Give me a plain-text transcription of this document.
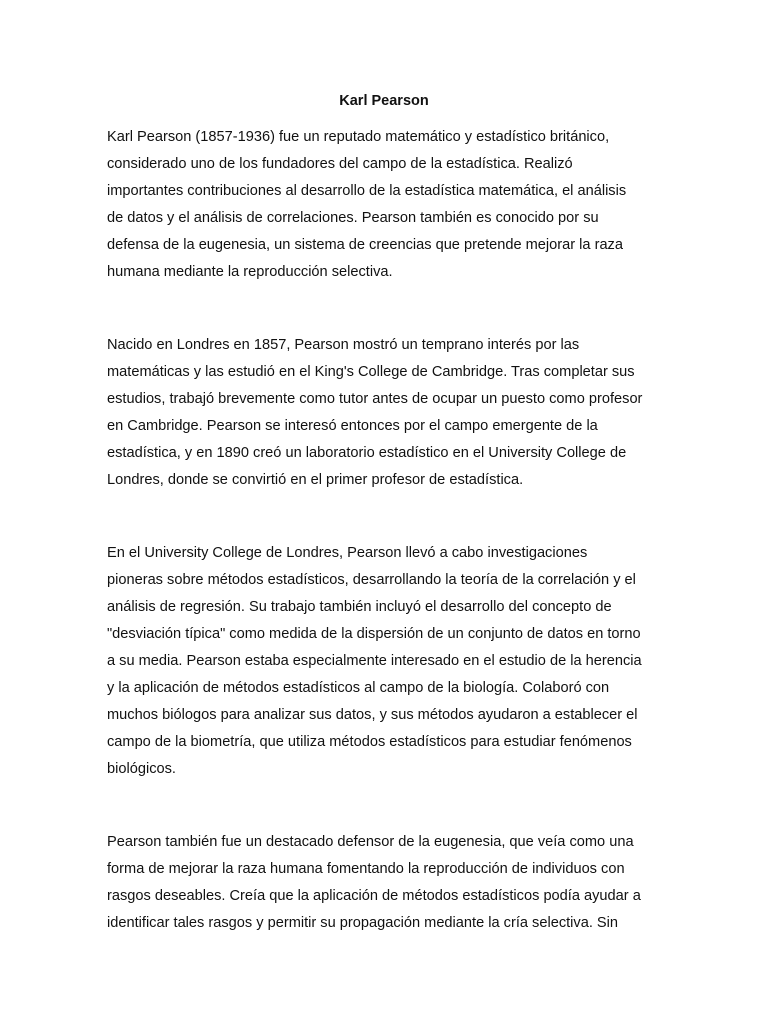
Karl Pearson
Karl Pearson (1857-1936) fue un reputado matemático y estadístico británico,
considerado uno de los fundadores del campo de la estadística. Realizó
importantes contribuciones al desarrollo de la estadística matemática, el análisis
de datos y el análisis de correlaciones. Pearson también es conocido por su
defensa de la eugenesia, un sistema de creencias que pretende mejorar la raza
humana mediante la reproducción selectiva.
Nacido en Londres en 1857, Pearson mostró un temprano interés por las
matemáticas y las estudió en el King's College de Cambridge. Tras completar sus
estudios, trabajó brevemente como tutor antes de ocupar un puesto como profesor
en Cambridge. Pearson se interesó entonces por el campo emergente de la
estadística, y en 1890 creó un laboratorio estadístico en el University College de
Londres, donde se convirtió en el primer profesor de estadística.
En el University College de Londres, Pearson llevó a cabo investigaciones
pioneras sobre métodos estadísticos, desarrollando la teoría de la correlación y el
análisis de regresión. Su trabajo también incluyó el desarrollo del concepto de
"desviación típica" como medida de la dispersión de un conjunto de datos en torno
a su media. Pearson estaba especialmente interesado en el estudio de la herencia
y la aplicación de métodos estadísticos al campo de la biología. Colaboró con
muchos biólogos para analizar sus datos, y sus métodos ayudaron a establecer el
campo de la biometría, que utiliza métodos estadísticos para estudiar fenómenos
biológicos.
Pearson también fue un destacado defensor de la eugenesia, que veía como una
forma de mejorar la raza humana fomentando la reproducción de individuos con
rasgos deseables. Creía que la aplicación de métodos estadísticos podía ayudar a
identificar tales rasgos y permitir su propagación mediante la cría selectiva. Sin
